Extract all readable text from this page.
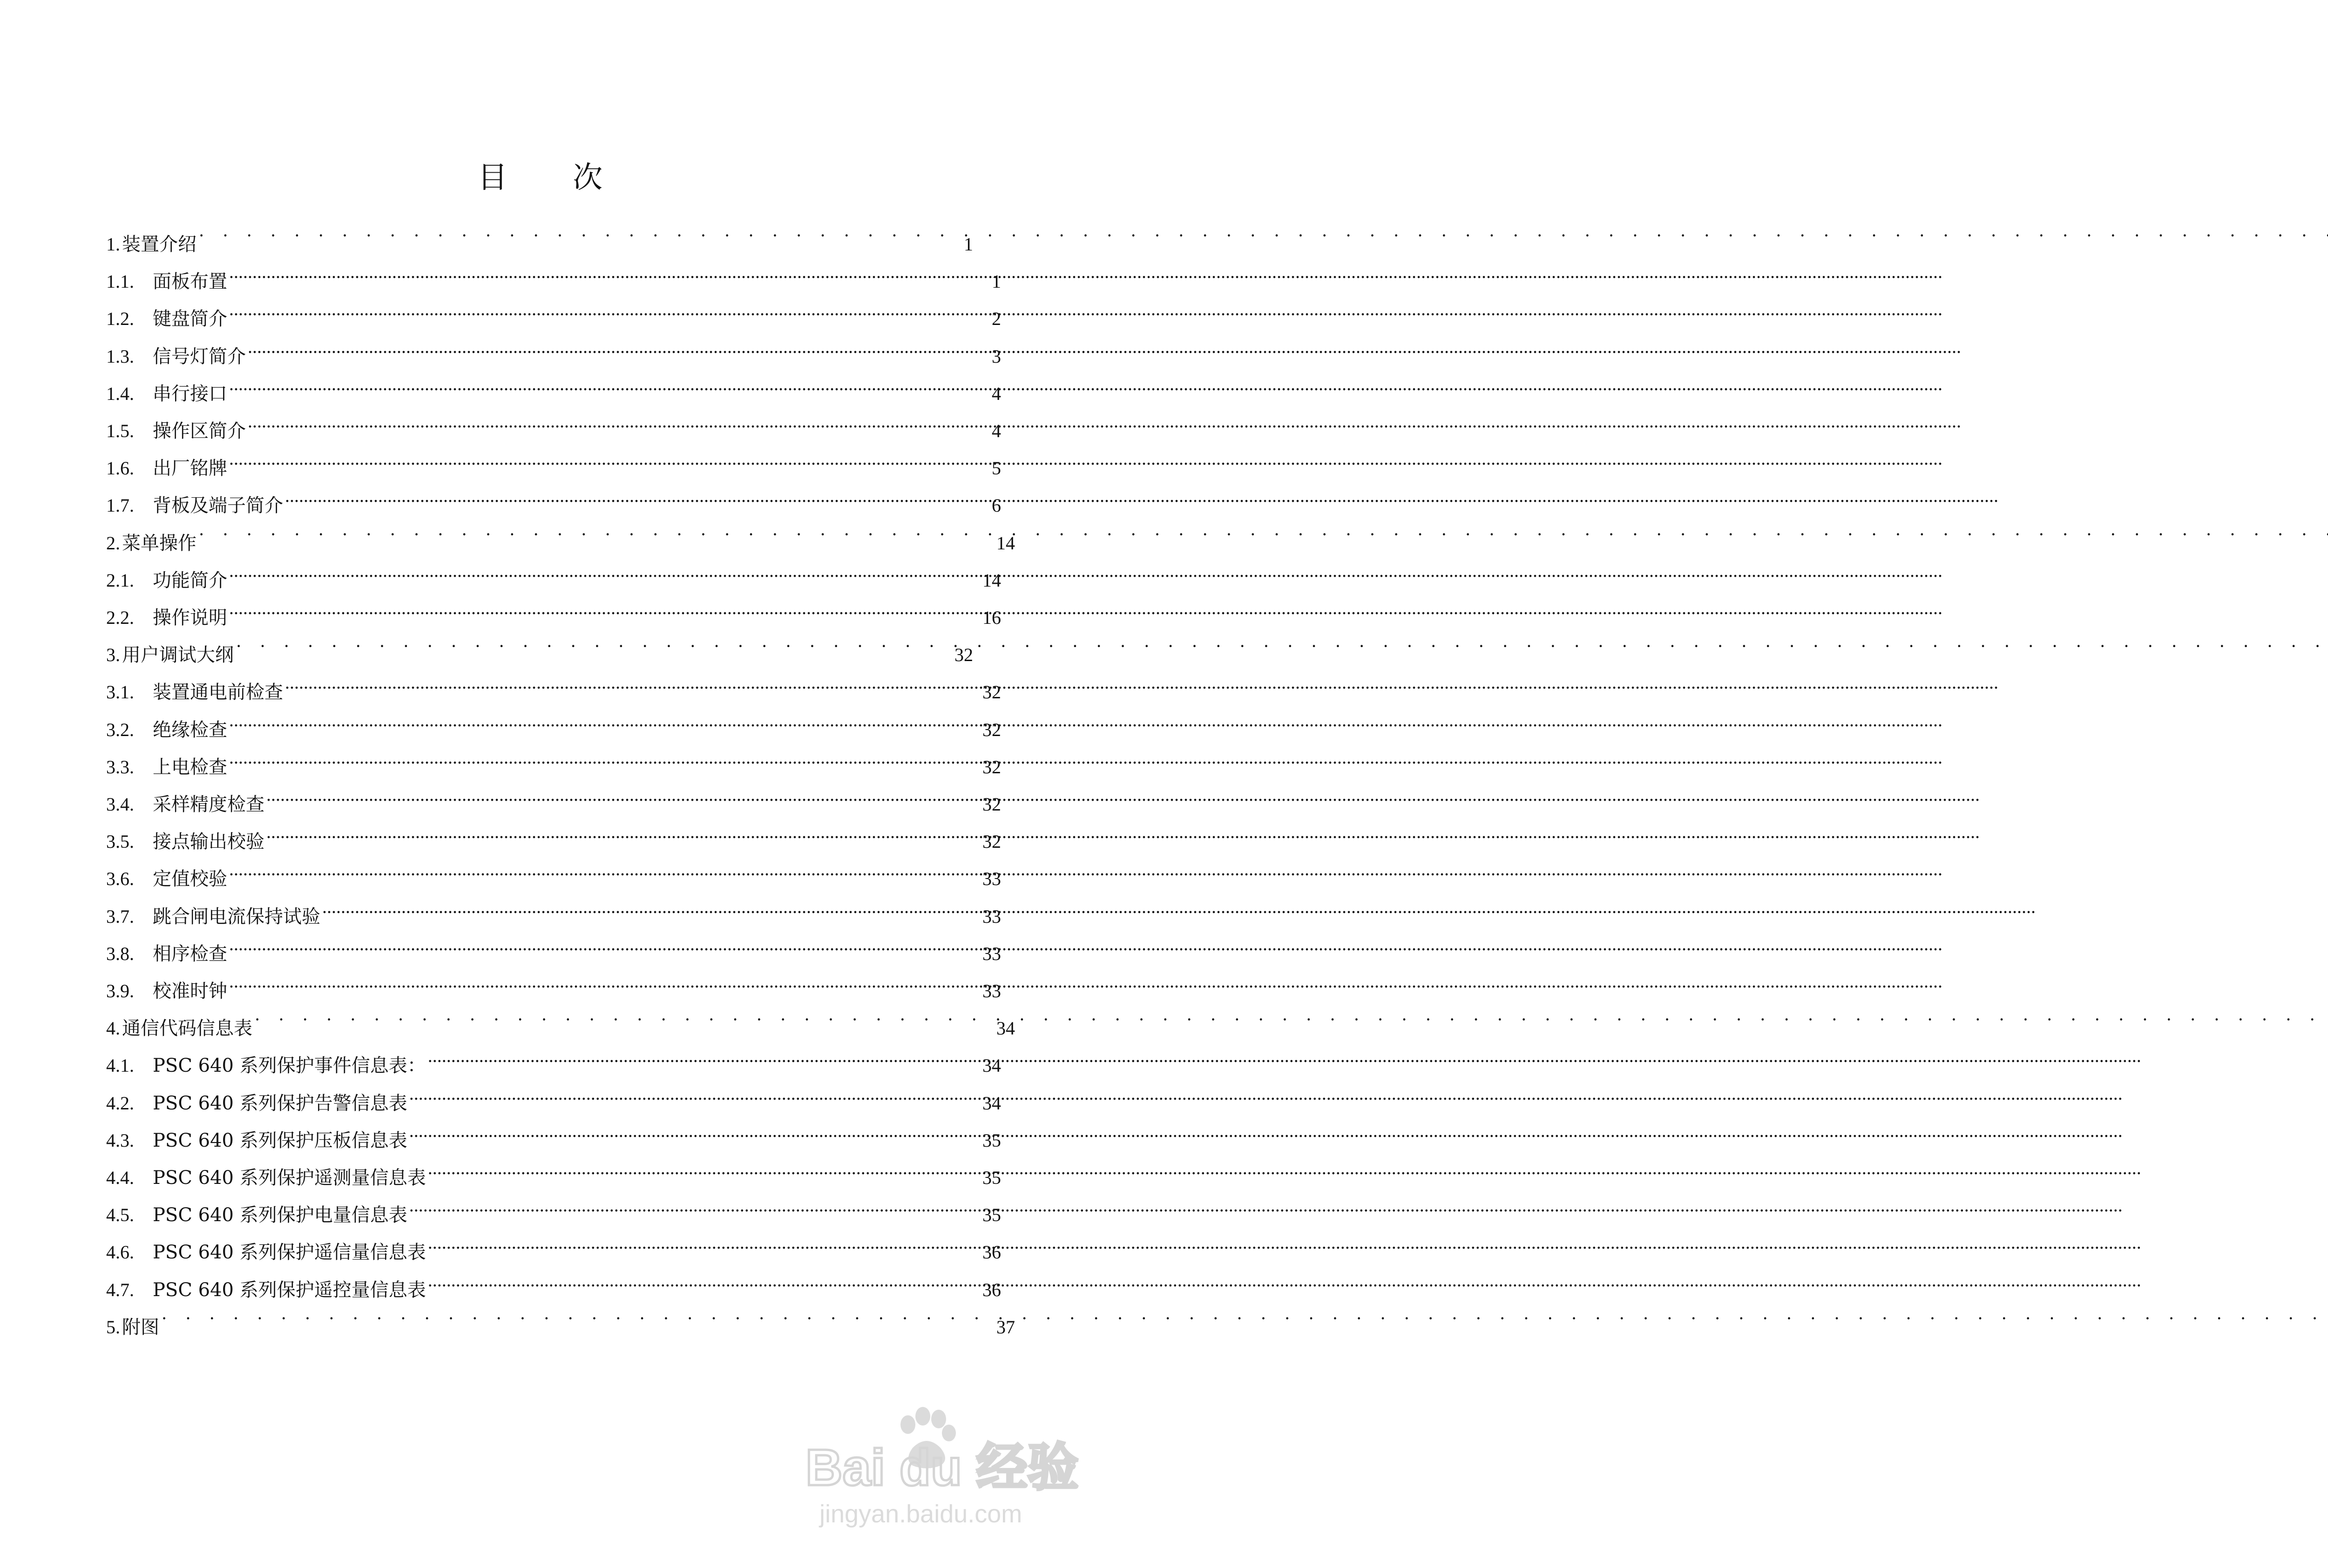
目 次
1. 装置介绍 · · ·	1
1.1.	面板布置 .....	1
1.2.	键盘简介 .....	2
1.3.	信号灯简介 .....	3
1.4.	串行接口 .....	4
1.5.	操作区简介 .....	4
1.6.	出厂铭牌 .....	5
1.7.	背板及端子简介 .....	6
2. 菜单操作 · · ·	14
2.1.	功能简介 .....	14
2.2.	操作说明 .....	16
3. 用户调试大纲 · · ·	32
3.1.	装置通电前检查 .....	32
3.2.	绝缘检查 .....	32
3.3.	上电检查 .....	32
3.4.	采样精度检查 .....	32
3.5.	接点输出校验 .....	32
3.6.	定值校验 .....	33
3.7.	跳合闸电流保持试验 .....	33
3.8.	相序检查 .....	33
3.9.	校准时钟 .....	33
4. 通信代码信息表 · · ·	34
4.1.	PSC 640 系列保护事件信息表： .....	34
4.2.	PSC 640 系列保护告警信息表 .....	34
4.3.	PSC 640 系列保护压板信息表 .....	35
4.4.	PSC 640 系列保护遥测量信息表 .....	35
4.5.	PSC 640 系列保护电量信息表 .....	35
4.6.	PSC 640 系列保护遥信量信息表 .....	36
4.7.	PSC 640 系列保护遥控量信息表 .....	36
5. 附图 · · ·	37
Bai du 经验
jingyan.baidu.com
